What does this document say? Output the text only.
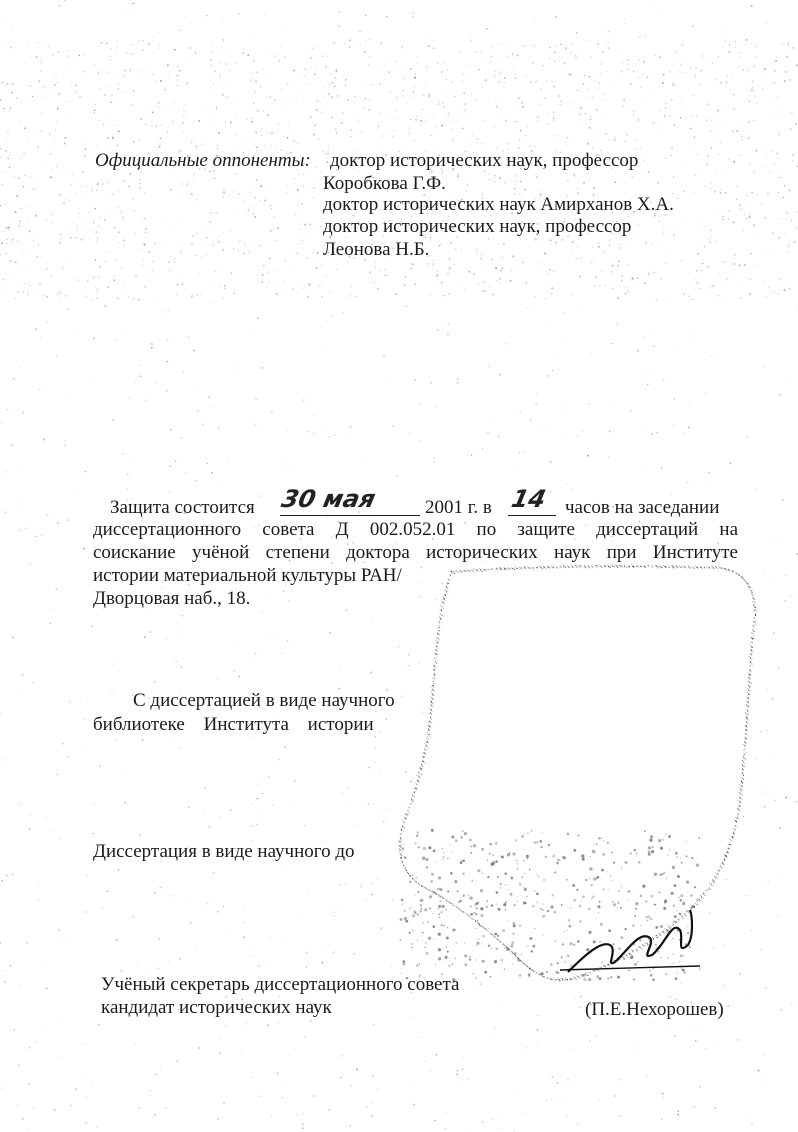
Официальные оппоненты: доктор исторических наук, профессор
Коробкова Г.Ф.
доктор исторических наук Амирханов Х.А.
доктор исторических наук, профессор
Леонова Н.Б.
Защита состоится 30 мая 2001 г. в 14 часов на заседании
диссертационного совета Д 002.052.01 по защите диссертаций на
соискание учёной степени доктора исторических наук при Институте
истории материальной культуры РАН/
Дворцовая наб., 18.
С диссертацией в виде научного
библиотеке Института истории
Диссертация в виде научного до
Учёный секретарь диссертационного совета
кандидат исторических наук	(П.Е.Нехорошев)
